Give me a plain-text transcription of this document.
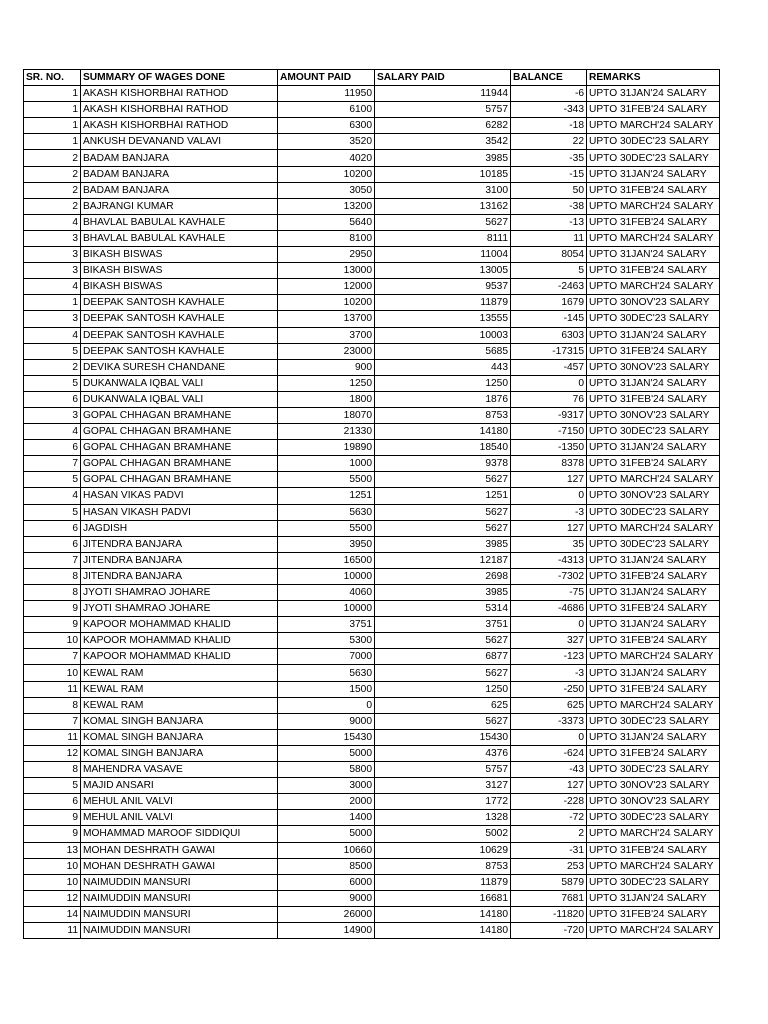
SR. NO.	SUMMARY OF WAGES DONE	AMOUNT PAID	SALARY PAID	BALANCE	REMARKS
1	AKASH KISHORBHAI RATHOD	11950	11944	-6	UPTO 31JAN'24 SALARY
1	AKASH KISHORBHAI RATHOD	6100	5757	-343	UPTO 31FEB'24 SALARY
1	AKASH KISHORBHAI RATHOD	6300	6282	-18	UPTO MARCH'24 SALARY
1	ANKUSH DEVANAND VALAVI	3520	3542	22	UPTO 30DEC'23 SALARY
2	BADAM BANJARA	4020	3985	-35	UPTO 30DEC'23 SALARY
2	BADAM BANJARA	10200	10185	-15	UPTO 31JAN'24 SALARY
2	BADAM BANJARA	3050	3100	50	UPTO 31FEB'24 SALARY
2	BAJRANGI KUMAR	13200	13162	-38	UPTO MARCH'24 SALARY
4	BHAVLAL BABULAL KAVHALE	5640	5627	-13	UPTO 31FEB'24 SALARY
3	BHAVLAL BABULAL KAVHALE	8100	8111	11	UPTO MARCH'24 SALARY
3	BIKASH BISWAS	2950	11004	8054	UPTO 31JAN'24 SALARY
3	BIKASH BISWAS	13000	13005	5	UPTO 31FEB'24 SALARY
4	BIKASH BISWAS	12000	9537	-2463	UPTO MARCH'24 SALARY
1	DEEPAK SANTOSH KAVHALE	10200	11879	1679	UPTO 30NOV'23 SALARY
3	DEEPAK SANTOSH KAVHALE	13700	13555	-145	UPTO 30DEC'23 SALARY
4	DEEPAK SANTOSH KAVHALE	3700	10003	6303	UPTO 31JAN'24 SALARY
5	DEEPAK SANTOSH KAVHALE	23000	5685	-17315	UPTO 31FEB'24 SALARY
2	DEVIKA SURESH CHANDANE	900	443	-457	UPTO 30NOV'23 SALARY
5	DUKANWALA IQBAL VALI	1250	1250	0	UPTO 31JAN'24 SALARY
6	DUKANWALA IQBAL VALI	1800	1876	76	UPTO 31FEB'24 SALARY
3	GOPAL CHHAGAN BRAMHANE	18070	8753	-9317	UPTO 30NOV'23 SALARY
4	GOPAL CHHAGAN BRAMHANE	21330	14180	-7150	UPTO 30DEC'23 SALARY
6	GOPAL CHHAGAN BRAMHANE	19890	18540	-1350	UPTO 31JAN'24 SALARY
7	GOPAL CHHAGAN BRAMHANE	1000	9378	8378	UPTO 31FEB'24 SALARY
5	GOPAL CHHAGAN BRAMHANE	5500	5627	127	UPTO MARCH'24 SALARY
4	HASAN VIKAS PADVI	1251	1251	0	UPTO 30NOV'23 SALARY
5	HASAN VIKASH PADVI	5630	5627	-3	UPTO 30DEC'23 SALARY
6	JAGDISH	5500	5627	127	UPTO MARCH'24 SALARY
6	JITENDRA BANJARA	3950	3985	35	UPTO 30DEC'23 SALARY
7	JITENDRA BANJARA	16500	12187	-4313	UPTO 31JAN'24 SALARY
8	JITENDRA BANJARA	10000	2698	-7302	UPTO 31FEB'24 SALARY
8	JYOTI SHAMRAO JOHARE	4060	3985	-75	UPTO 31JAN'24 SALARY
9	JYOTI SHAMRAO JOHARE	10000	5314	-4686	UPTO 31FEB'24 SALARY
9	KAPOOR MOHAMMAD KHALID	3751	3751	0	UPTO 31JAN'24 SALARY
10	KAPOOR MOHAMMAD KHALID	5300	5627	327	UPTO 31FEB'24 SALARY
7	KAPOOR MOHAMMAD KHALID	7000	6877	-123	UPTO MARCH'24 SALARY
10	KEWAL RAM	5630	5627	-3	UPTO 31JAN'24 SALARY
11	KEWAL RAM	1500	1250	-250	UPTO 31FEB'24 SALARY
8	KEWAL RAM	0	625	625	UPTO MARCH'24 SALARY
7	KOMAL SINGH BANJARA	9000	5627	-3373	UPTO 30DEC'23 SALARY
11	KOMAL SINGH BANJARA	15430	15430	0	UPTO 31JAN'24 SALARY
12	KOMAL SINGH BANJARA	5000	4376	-624	UPTO 31FEB'24 SALARY
8	MAHENDRA VASAVE	5800	5757	-43	UPTO 30DEC'23 SALARY
5	MAJID ANSARI	3000	3127	127	UPTO 30NOV'23 SALARY
6	MEHUL ANIL VALVI	2000	1772	-228	UPTO 30NOV'23 SALARY
9	MEHUL ANIL VALVI	1400	1328	-72	UPTO 30DEC'23 SALARY
9	MOHAMMAD MAROOF SIDDIQUI	5000	5002	2	UPTO MARCH'24 SALARY
13	MOHAN DESHRATH GAWAI	10660	10629	-31	UPTO 31FEB'24 SALARY
10	MOHAN DESHRATH GAWAI	8500	8753	253	UPTO MARCH'24 SALARY
10	NAIMUDDIN MANSURI	6000	11879	5879	UPTO 30DEC'23 SALARY
12	NAIMUDDIN MANSURI	9000	16681	7681	UPTO 31JAN'24 SALARY
14	NAIMUDDIN MANSURI	26000	14180	-11820	UPTO 31FEB'24 SALARY
11	NAIMUDDIN MANSURI	14900	14180	-720	UPTO MARCH'24 SALARY
